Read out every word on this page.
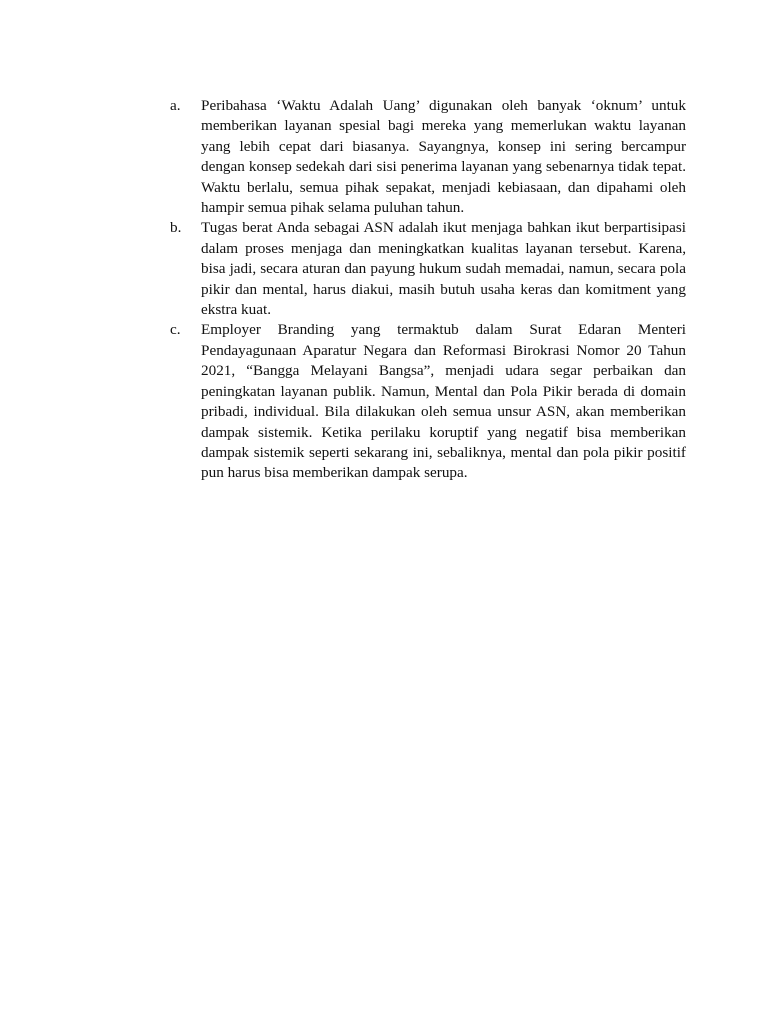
a.	Peribahasa ‘Waktu Adalah Uang’ digunakan oleh banyak ‘oknum’ untuk memberikan layanan spesial bagi mereka yang memerlukan waktu layanan yang lebih cepat dari biasanya. Sayangnya, konsep ini sering bercampur dengan konsep sedekah dari sisi penerima layanan yang sebenarnya tidak tepat. Waktu berlalu, semua pihak sepakat, menjadi kebiasaan, dan dipahami oleh hampir semua pihak selama puluhan tahun.
b.	Tugas berat Anda sebagai ASN adalah ikut menjaga bahkan ikut berpartisipasi dalam proses menjaga dan meningkatkan kualitas layanan tersebut. Karena, bisa jadi, secara aturan dan payung hukum sudah memadai, namun, secara pola pikir dan mental, harus diakui, masih butuh usaha keras dan komitment yang ekstra kuat.
c.	Employer Branding yang termaktub dalam Surat Edaran Menteri Pendayagunaan Aparatur Negara dan Reformasi Birokrasi Nomor 20 Tahun 2021, “Bangga Melayani Bangsa”, menjadi udara segar perbaikan dan peningkatan layanan publik. Namun, Mental dan Pola Pikir berada di domain pribadi, individual. Bila dilakukan oleh semua unsur ASN, akan memberikan dampak sistemik. Ketika perilaku koruptif yang negatif bisa memberikan dampak sistemik seperti sekarang ini, sebaliknya, mental dan pola pikir positif pun harus bisa memberikan dampak serupa.
